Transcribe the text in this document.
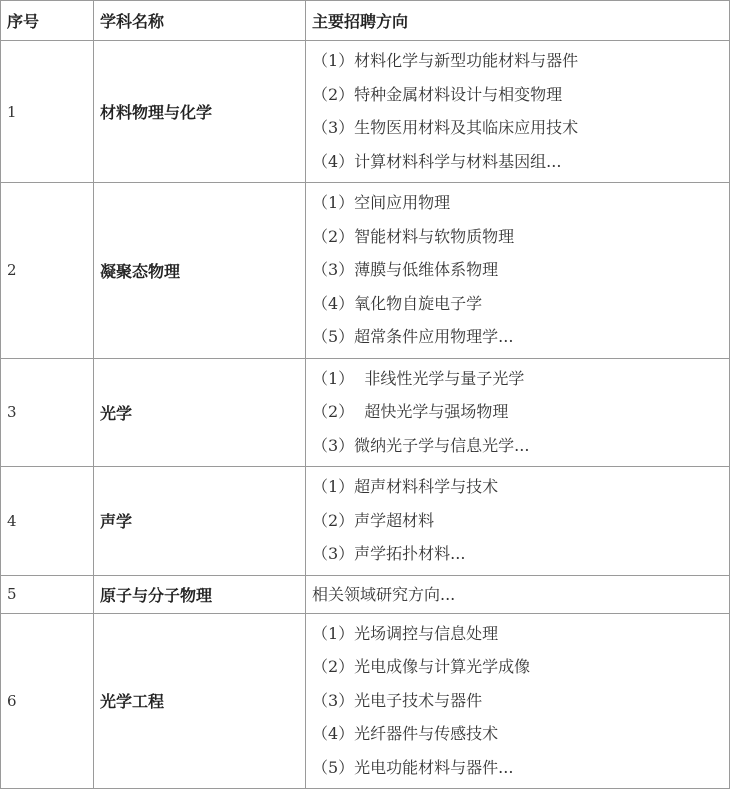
序号	学科名称	主要招聘方向
1	材料物理与化学	（1）材料化学与新型功能材料与器件
（2）特种金属材料设计与相变物理
（3）生物医用材料及其临床应用技术
（4）计算材料科学与材料基因组...

2	凝聚态物理	（1）空间应用物理
（2）智能材料与软物质物理
（3）薄膜与低维体系物理
（4）氧化物自旋电子学
（5）超常条件应用物理学...

3	光学	（1）  非线性光学与量子光学
（2）  超快光学与强场物理
（3）微纳光子学与信息光学...

4	声学	（1）超声材料科学与技术
（2）声学超材料
（3）声学拓扑材料...

5	原子与分子物理	相关领域研究方向...

6	光学工程	（1）光场调控与信息处理
（2）光电成像与计算光学成像
（3）光电子技术与器件
（4）光纤器件与传感技术
（5）光电功能材料与器件...
